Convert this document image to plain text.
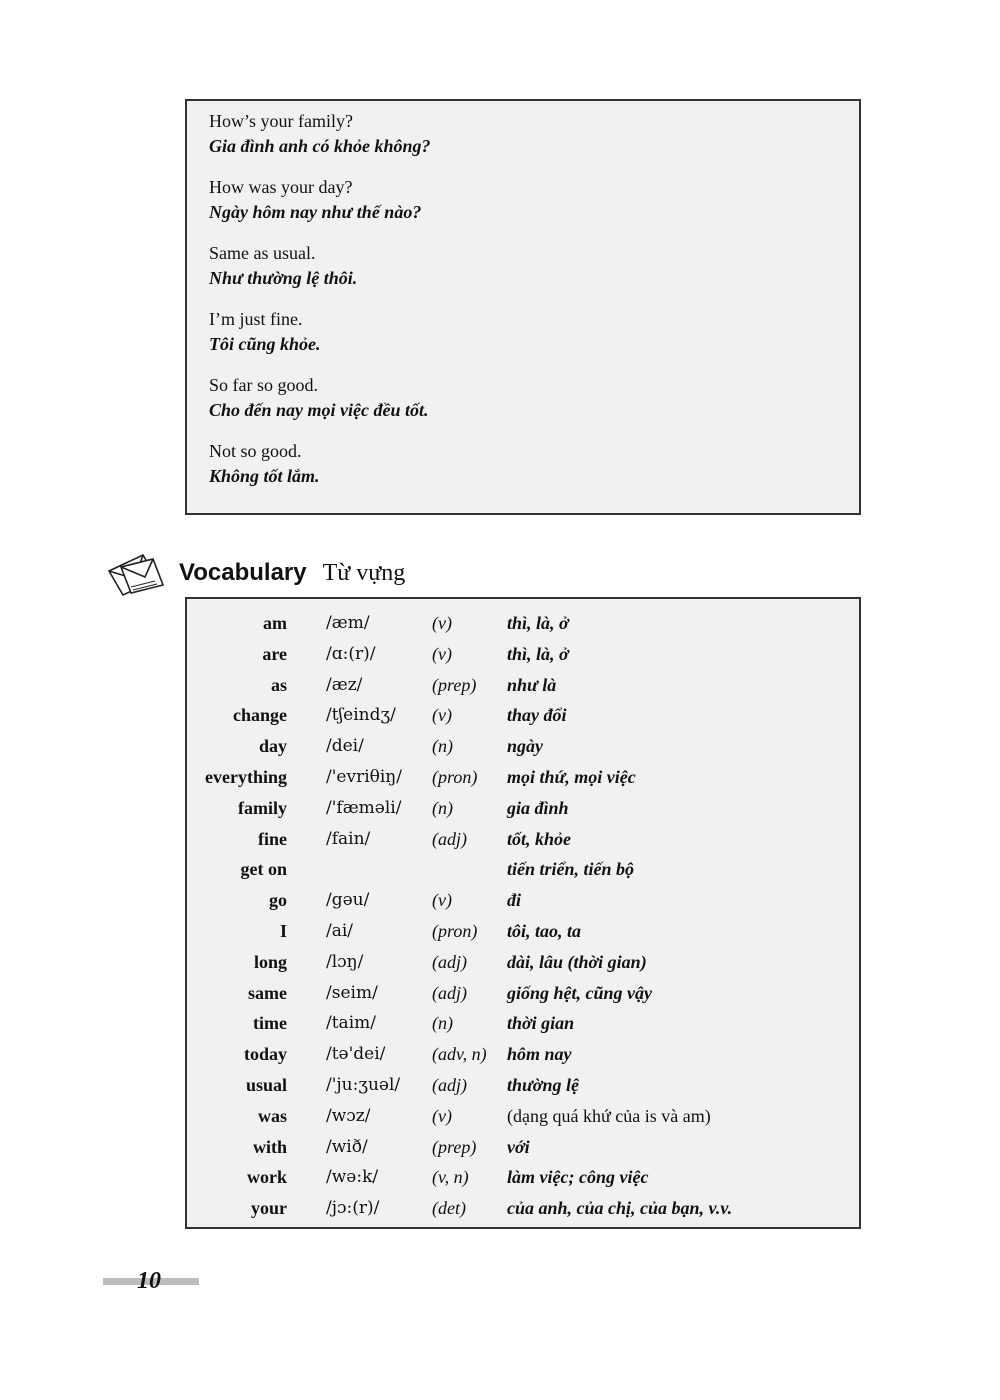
How’s your family?
Gia đình anh có khỏe không?
How was your day?
Ngày hôm nay như thế nào?
Same as usual.
Như thường lệ thôi.
I’m just fine.
Tôi cũng khỏe.
So far so good.
Cho đến nay mọi việc đều tốt.
Not so good.
Không tốt lắm.
Vocabulary Từ vựng
am /æm/	(v)	thì, là, ở
are /ɑ:(r)/	(v)	thì, là, ở
as /æz/	(prep) như là
change /tʃeindʒ/ (v)	thay đổi
day /dei/	(n)	ngày
everything /'evriθiŋ/ (pron) mọi thứ, mọi việc
family /'fæməli/ (n)	gia đình
fine /fain/	(adj) tốt, khỏe
get on	tiến triển, tiến bộ
go /gəu/	(v)	đi
I /ai/	(pron) tôi, tao, ta
long /lɔŋ/	(adj) dài, lâu (thời gian)
same /seim/	(adj) giống hệt, cũng vậy
time /taim/	(n)	thời gian
today /tə'dei/	(adv, n) hôm nay
usual /'ju:ʒuəl/ (adj) thường lệ
was /wɔz/	(v)	(dạng quá khứ của is và am)
with /wið/	(prep) với
work /wə:k/	(v, n) làm việc; công việc
your /jɔ:(r)/	(det) của anh, của chị, của bạn, v.v.
10
